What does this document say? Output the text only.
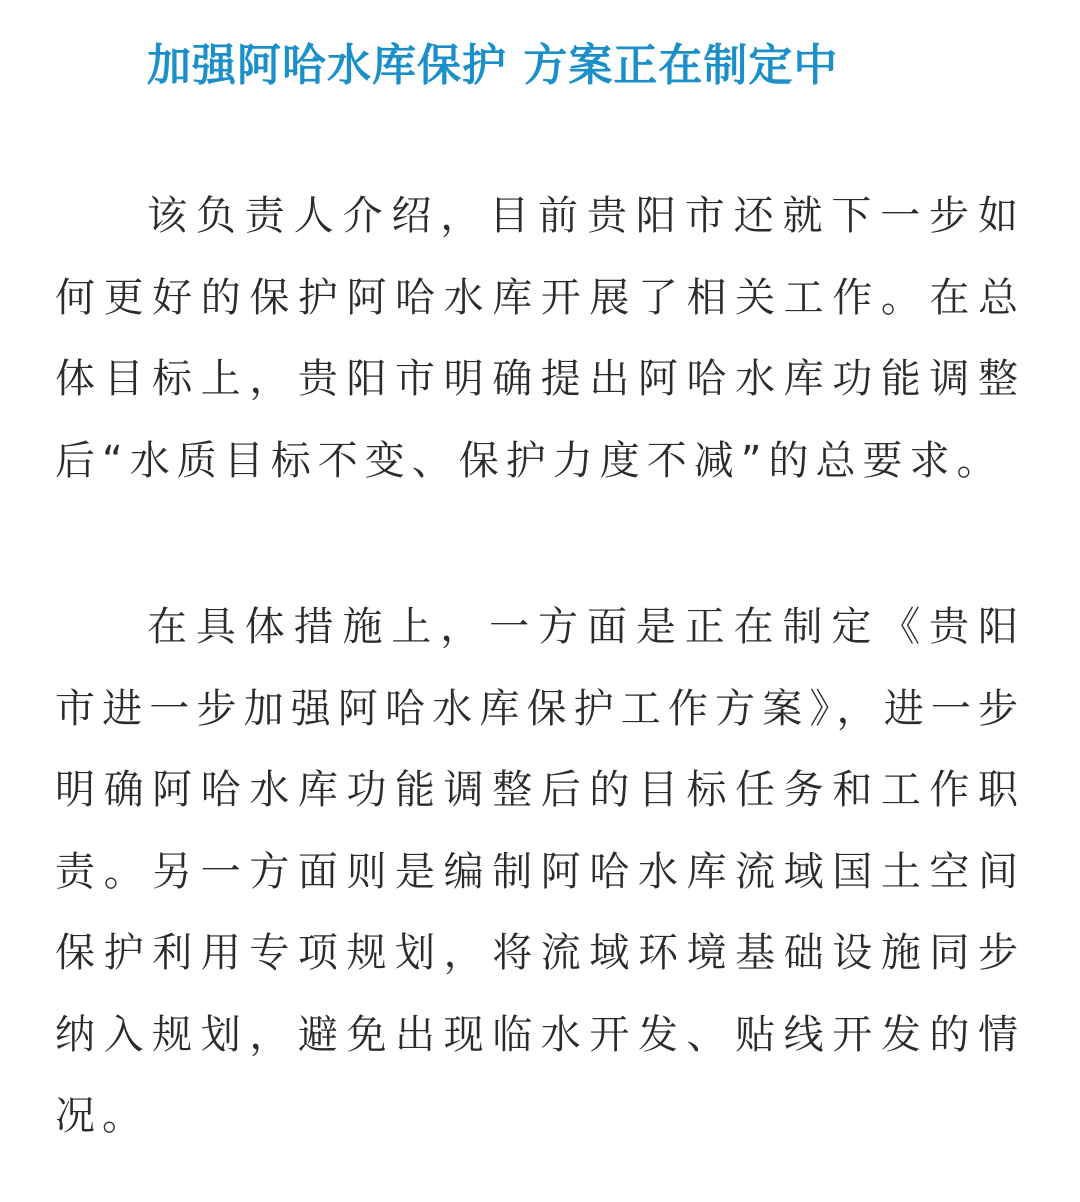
加强阿哈水库保护 方案正在制定中

该负责人介绍，目前贵阳市还就下一步如何更好的保护阿哈水库开展了相关工作。在总体目标上，贵阳市明确提出阿哈水库功能调整后“水质目标不变、保护力度不减”的总要求。

在具体措施上，一方面是正在制定《贵阳市进一步加强阿哈水库保护工作方案》，进一步明确阿哈水库功能调整后的目标任务和工作职责。另一方面则是编制阿哈水库流域国土空间保护利用专项规划，将流域环境基础设施同步纳入规划，避免出现临水开发、贴线开发的情况。
